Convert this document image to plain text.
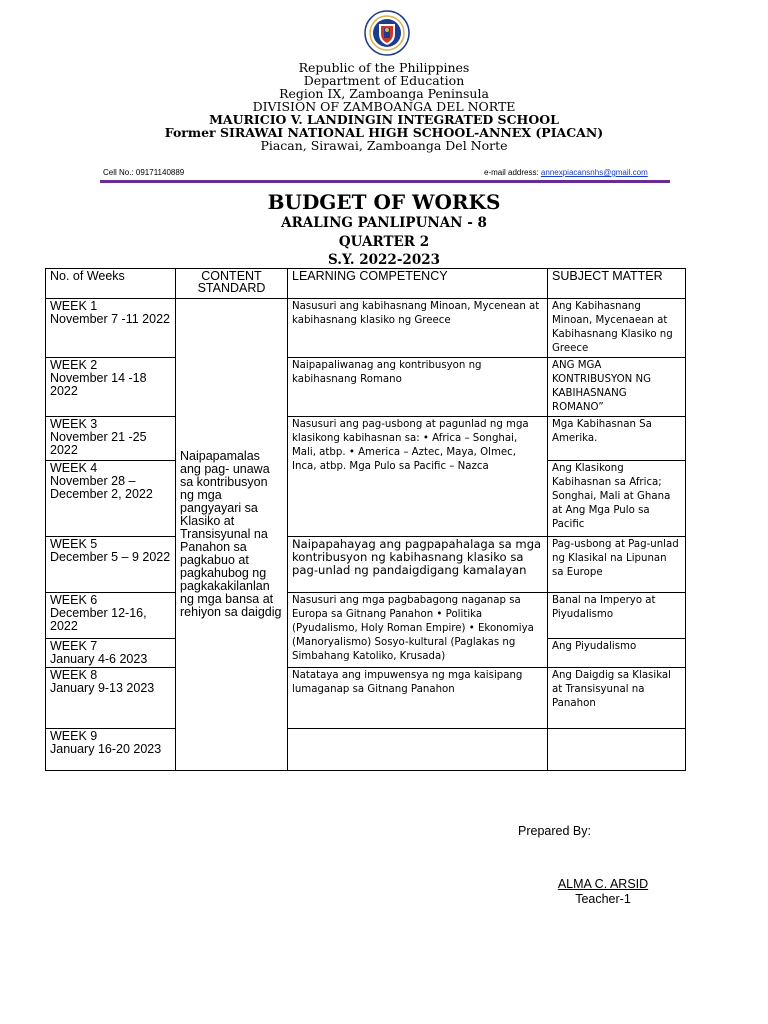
Republic of the Philippines
Department of Education
Region IX, Zamboanga Peninsula
DIVISION OF ZAMBOANGA DEL NORTE
MAURICIO V. LANDINGIN INTEGRATED SCHOOL
Former SIRAWAI NATIONAL HIGH SCHOOL-ANNEX (PIACAN)
Piacan, Sirawai, Zamboanga Del Norte
Cell No.: 09171140889	e-mail address: annexpiacansnhs@gmail.com
BUDGET OF WORKS
ARALING PANLIPUNAN - 8
QUARTER 2
S.Y. 2022-2023
No. of Weeks	CONTENT STANDARD	LEARNING COMPETENCY	SUBJECT MATTER

WEEK 1
November 7 -11 2022	Naipapamalas ang pag- unawa sa kontribusyon ng mga pangyayari sa Klasiko at Transisyunal na Panahon sa pagkabuo at pagkahubog ng pagkakakilanlan ng mga bansa at rehiyon sa daigdig	Nasusuri ang kabihasnang Minoan, Mycenean at kabihasnang klasiko ng Greece	Ang Kabihasnang Minoan, Mycenaean at Kabihasnang Klasiko ng Greece

WEEK 2
November 14 -18 2022		Naipapaliwanag ang kontribusyon ng kabihasnang Romano	ANG MGA KONTRIBUSYON NG KABIHASNANG ROMANO”

WEEK 3
November 21 -25 2022		Nasusuri ang pag-usbong at pagunlad ng mga klasikong kabihasnan sa: • Africa – Songhai, Mali, atbp. • America – Aztec, Maya, Olmec, Inca, atbp. Mga Pulo sa Pacific – Nazca	Mga Kabihasnan Sa Amerika.

WEEK 4
November 28 – December 2, 2022			Ang Klasikong Kabihasnan sa Africa; Songhai, Mali at Ghana at Ang Mga Pulo sa Pacific

WEEK 5
December 5 – 9 2022		Naipapahayag ang pagpapahalaga sa mga kontribusyon ng kabihasnang klasiko sa pag-unlad ng pandaigdigang kamalayan	Pag-usbong at Pag-unlad ng Klasikal na Lipunan sa Europe

WEEK 6
December 12-16, 2022		Nasusuri ang mga pagbabagong naganap sa Europa sa Gitnang Panahon • Politika (Pyudalismo, Holy Roman Empire) • Ekonomiya (Manoryalismo) Sosyo-kultural (Paglakas ng Simbahang Katoliko, Krusada)	Banal na Imperyo at Piyudalismo

WEEK 7
January 4-6 2023			Ang Piyudalismo

WEEK 8
January 9-13 2023		Natataya ang impuwensya ng mga kaisipang lumaganap sa Gitnang Panahon	Ang Daigdig sa Klasikal at Transisyunal na Panahon

WEEK 9
January 16-20 2023			

Prepared By:
ALMA C. ARSID
Teacher-1
